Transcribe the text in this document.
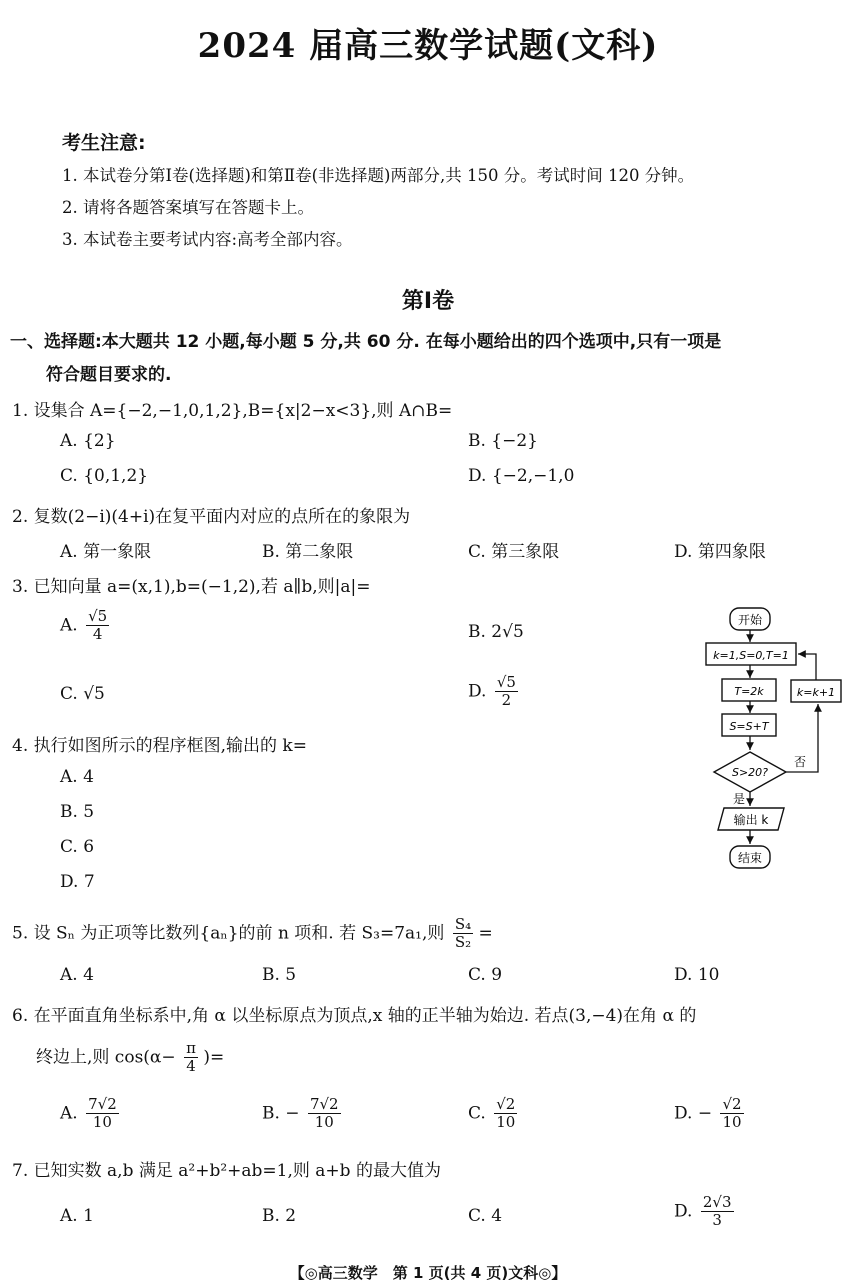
2024 届高三数学试题(文科)
考生注意:
1. 本试卷分第Ⅰ卷(选择题)和第Ⅱ卷(非选择题)两部分,共 150 分。考试时间 120 分钟。
2. 请将各题答案填写在答题卡上。
3. 本试卷主要考试内容:高考全部内容。
第Ⅰ卷
一、选择题:本大题共 12 小题,每小题 5 分,共 60 分. 在每小题给出的四个选项中,只有一项是
符合题目要求的.
1. 设集合 A={−2,−1,0,1,2},B={x|2−x<3},则 A∩B=
A. {2}	B. {−2}
C. {0,1,2}	D. {−2,−1,0
2. 复数(2−i)(4+i)在复平面内对应的点所在的象限为
A. 第一象限	B. 第二象限	C. 第三象限	D. 第四象限
3. 已知向量 a=(x,1),b=(−1,2),若 a∥b,则|a|=
A. $\frac{√5}{4}$	B. 2√5
C. √5	D. $\frac{√5}{2}$
4. 执行如图所示的程序框图,输出的 k=
A. 4
B. 5
C. 6
D. 7
开始
k=1,S=0,T=1
T=2k
S=S+T
S>20?
否
k=k+1
是
输出 k
结束
5. 设 Sₙ 为正项等比数列{aₙ}的前 n 项和. 若 S₃=7a₁,则 $\frac{\text{S₄}}{\text{S₂}}$ =
A. 4	B. 5	C. 9	D. 10
6. 在平面直角坐标系中,角 α 以坐标原点为顶点,x 轴的正半轴为始边. 若点(3,−4)在角 α 的
终边上,则 $\cos(\alpha- \frac{\pi}{4}$ )=
A. $\frac{7√2}{10}$	B. − $\frac{7√2}{10}$	C. $\frac{√2}{10}$	D. − $\frac{√2}{10}$
7. 已知实数 a,b 满足 a²+b²+ab=1,则 a+b 的最大值为
A. 1	B. 2	C. 4	D. $\frac{2√3}{3}$
【◎高三数学　第 1 页(共 4 页)文科◎】
